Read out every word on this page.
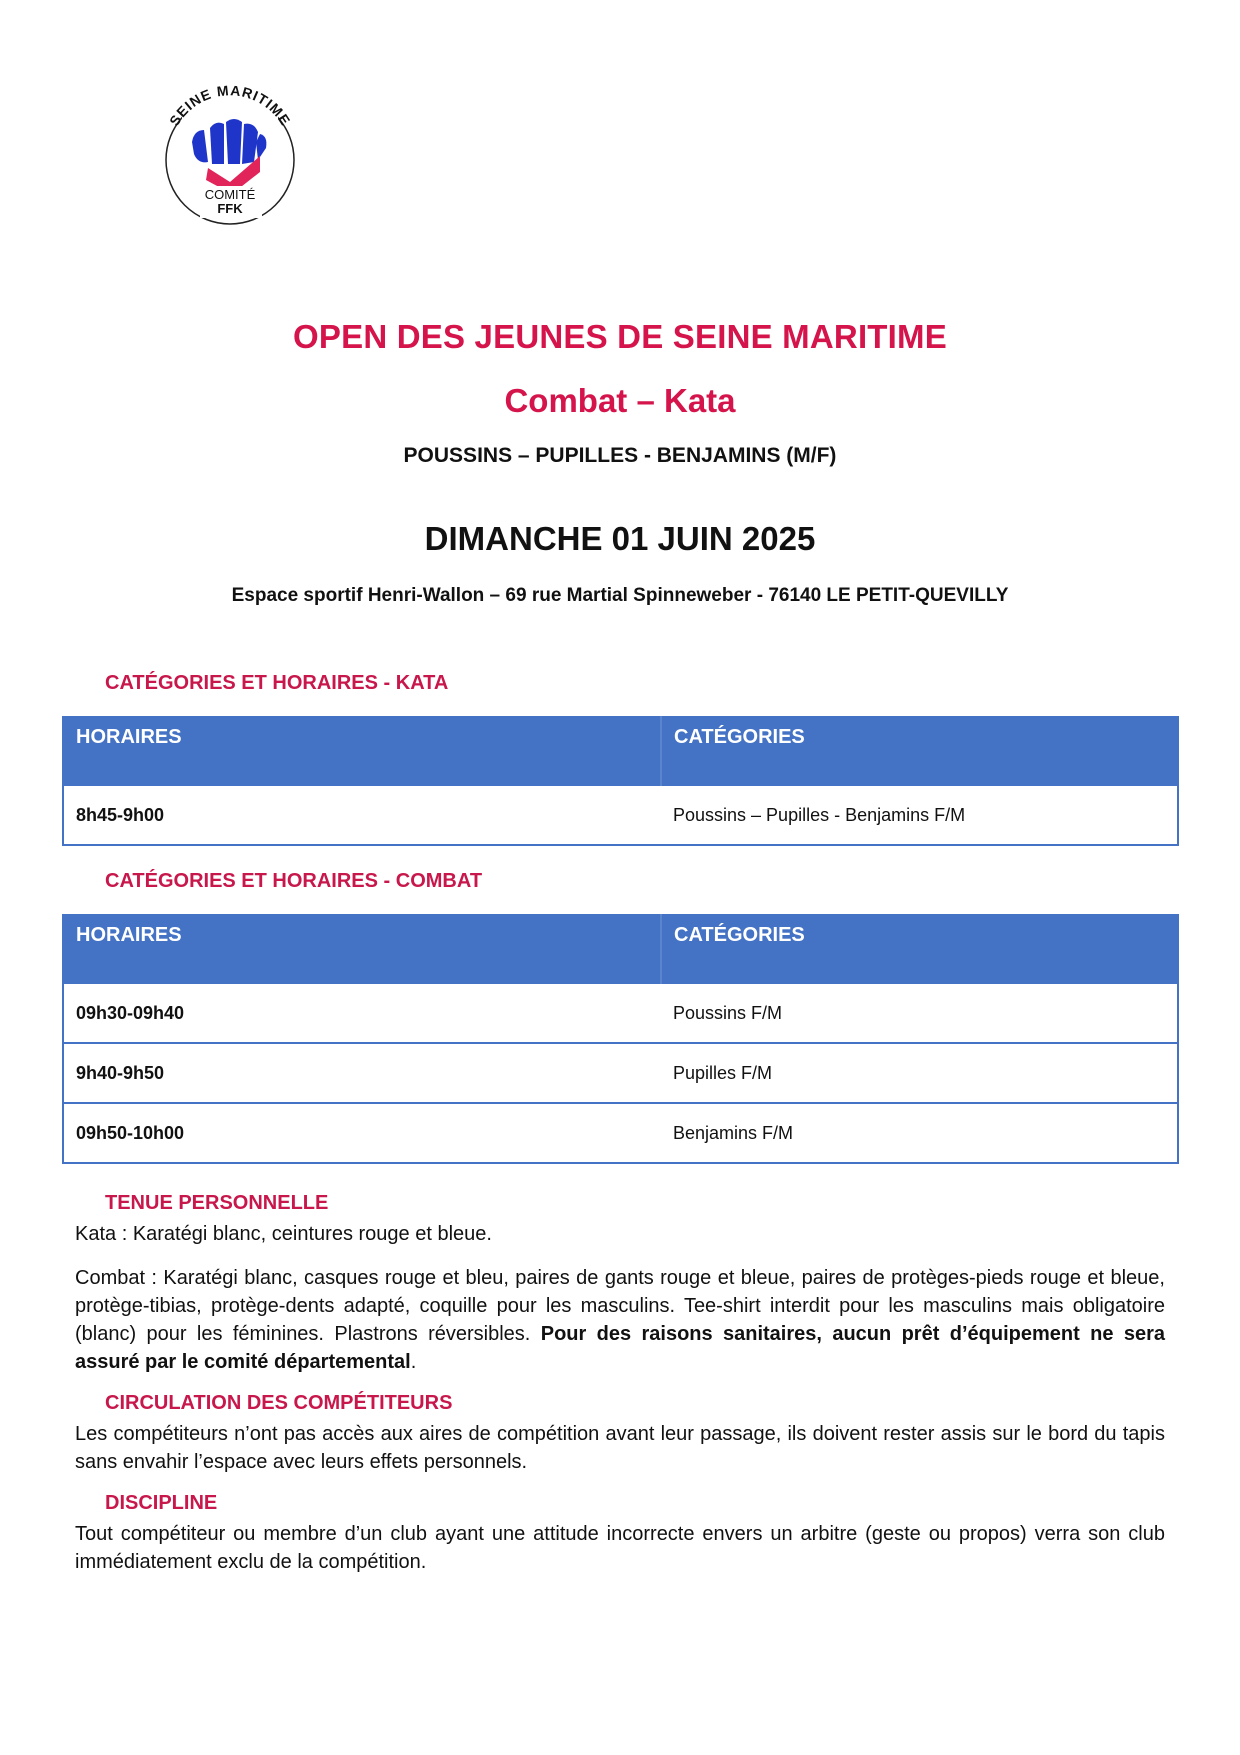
SEINE MARITIME
COMITÉ
FFK
OPEN DES JEUNES DE SEINE MARITIME
Combat – Kata
POUSSINS – PUPILLES - BENJAMINS (M/F)
DIMANCHE 01 JUIN 2025
Espace sportif Henri-Wallon – 69 rue Martial Spinneweber - 76140 LE PETIT-QUEVILLY
CATÉGORIES ET HORAIRES - KATA
HORAIRES	CATÉGORIES
8h45-9h00	Poussins – Pupilles - Benjamins F/M
CATÉGORIES ET HORAIRES - COMBAT
HORAIRES	CATÉGORIES
09h30-09h40	Poussins F/M
9h40-9h50	Pupilles F/M
09h50-10h00	Benjamins F/M
TENUE PERSONNELLE
Kata : Karatégi blanc, ceintures rouge et bleue.
Combat : Karatégi blanc, casques rouge et bleu, paires de gants rouge et bleue, paires de protèges-pieds rouge et bleue, protège-tibias, protège-dents adapté, coquille pour les masculins. Tee-shirt interdit pour les masculins mais obligatoire (blanc) pour les féminines. Plastrons réversibles. Pour des raisons sanitaires, aucun prêt d’équipement ne sera assuré par le comité départemental.
CIRCULATION DES COMPÉTITEURS
Les compétiteurs n’ont pas accès aux aires de compétition avant leur passage, ils doivent rester assis sur le bord du tapis sans envahir l’espace avec leurs effets personnels.
DISCIPLINE
Tout compétiteur ou membre d’un club ayant une attitude incorrecte envers un arbitre (geste ou propos) verra son club immédiatement exclu de la compétition.
